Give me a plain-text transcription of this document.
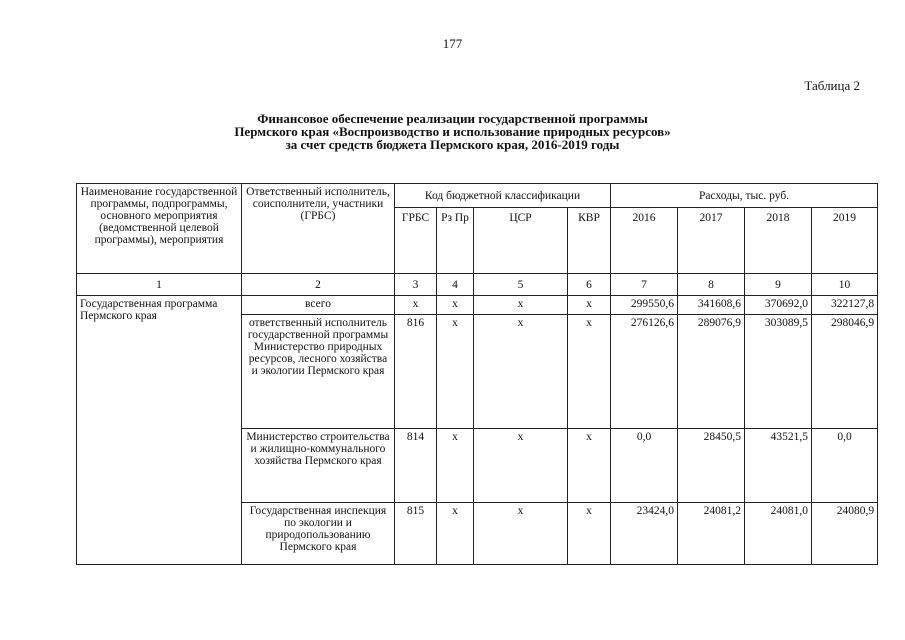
177
Таблица 2
Финансовое обеспечение реализации государственной программы
Пермского края «Воспроизводство и использование природных ресурсов»
за счет средств бюджета Пермского края, 2016-2019 годы
Наименование государственной программы, подпрограммы, основного мероприятия (ведомственной целевой программы), мероприятия	Ответственный исполнитель, соисполнители, участники (ГРБС)	Код бюджетной классификации				Расходы, тыс. руб.			
		ГРБС	Рз Пр	ЦСР	КВР	2016	2017	2018	2019
1	2	3	4	5	6	7	8	9	10
Государственная программа Пермского края	всего	x	x	x	x	299550,6	341608,6	370692,0	322127,8
	ответственный исполнитель государственной программы Министерство природных ресурсов, лесного хозяйства и экологии Пермского края	816	x	x	x	276126,6	289076,9	303089,5	298046,9
	Министерство строительства и жилищно-коммунального хозяйства Пермского края	814	x	x	x	0,0	28450,5	43521,5	0,0
	Государственная инспекция по экологии и природопользованию Пермского края	815	x	x	x	23424,0	24081,2	24081,0	24080,9
